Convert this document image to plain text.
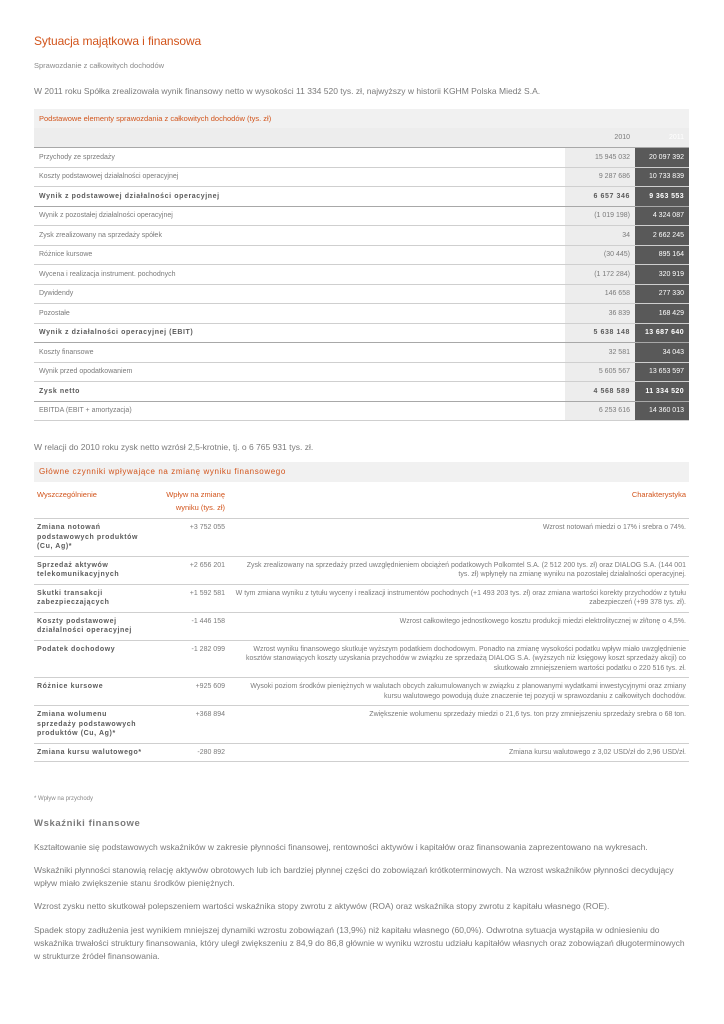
Sytuacja majątkowa i finansowa
Sprawozdanie z całkowitych dochodów
W 2011 roku Spółka zrealizowała wynik finansowy netto w wysokości 11 334 520 tys. zł, najwyższy w historii KGHM Polska Miedź S.A.
Podstawowe elementy sprawozdania z całkowitych dochodów (tys. zł)
	2010	2011
Przychody ze sprzedaży	15 945 032	20 097 392
Koszty podstawowej działalności operacyjnej	9 287 686	10 733 839
Wynik z podstawowej działalności operacyjnej	6 657 346	9 363 553
Wynik z pozostałej działalności operacyjnej	(1 019 198)	4 324 087
Zysk zrealizowany na sprzedaży spółek	34	2 662 245
Różnice kursowe	(30 445)	895 164
Wycena i realizacja instrument. pochodnych	(1 172 284)	320 919
Dywidendy	146 658	277 330
Pozostałe	36 839	168 429
Wynik z działalności operacyjnej (EBIT)	5 638 148	13 687 640
Koszty finansowe	32 581	34 043
Wynik przed opodatkowaniem	5 605 567	13 653 597
Zysk netto	4 568 589	11 334 520
EBITDA (EBIT + amortyzacja)	6 253 616	14 360 013
W relacji do 2010 roku zysk netto wzrósł 2,5-krotnie, tj. o 6 765 931 tys. zł.
Główne czynniki wpływające na zmianę wyniku finansowego
Wyszczególnienie	Wpływ na zmianę wyniku (tys. zł)	Charakterystyka
Zmiana notowań podstawowych produktów (Cu, Ag)*	+3 752 055	Wzrost notowań miedzi o 17% i srebra o 74%.
Sprzedaż aktywów telekomunikacyjnych	+2 656 201	Zysk zrealizowany na sprzedaży przed uwzględnieniem obciążeń podatkowych Polkomtel S.A. (2 512 200 tys. zł) oraz DIALOG S.A. (144 001 tys. zł) wpłynęły na zmianę wyniku na pozostałej działalności operacyjnej.
Skutki transakcji zabezpieczających	+1 592 581	W tym zmiana wyniku z tytułu wyceny i realizacji instrumentów pochodnych (+1 493 203 tys. zł) oraz zmiana wartości korekty przychodów z tytułu zabezpieczeń (+99 378 tys. zł).
Koszty podstawowej działalności operacyjnej	-1 446 158	Wzrost całkowitego jednostkowego kosztu produkcji miedzi elektrolitycznej w zł/tonę o 4,5%.
Podatek dochodowy	-1 282 099	Wzrost wyniku finansowego skutkuje wyższym podatkiem dochodowym. Ponadto na zmianę wysokości podatku wpływ miało uwzględnienie kosztów stanowiących koszty uzyskania przychodów w związku ze sprzedażą DIALOG S.A. (wyższych niż księgowy koszt sprzedaży akcji) co skutkowało zmniejszeniem wartości podatku o 220 516 tys. zł.
Różnice kursowe	+925 609	Wysoki poziom środków pieniężnych w walutach obcych zakumulowanych w związku z planowanymi wydatkami inwestycyjnymi oraz zmiany kursu walutowego powodują duże znaczenie tej pozycji w sprawozdaniu z całkowitych dochodów.
Zmiana wolumenu sprzedaży podstawowych produktów (Cu, Ag)*	+368 894	Zwiększenie wolumenu sprzedaży miedzi o 21,6 tys. ton przy zmniejszeniu sprzedaży srebra o 68 ton.
Zmiana kursu walutowego*	-280 892	Zmiana kursu walutowego z 3,02 USD/zł do 2,96 USD/zł.
* Wpływ na przychody
Wskaźniki finansowe
Kształtowanie się podstawowych wskaźników w zakresie płynności finansowej, rentowności aktywów i kapitałów oraz finansowania zaprezentowano na wykresach.
Wskaźniki płynności stanowią relację aktywów obrotowych lub ich bardziej płynnej części do zobowiązań krótkoterminowych. Na wzrost wskaźników płynności decydujący wpływ miało zwiększenie stanu środków pieniężnych.
Wzrost zysku netto skutkował polepszeniem wartości wskaźnika stopy zwrotu z aktywów (ROA) oraz wskaźnika stopy zwrotu z kapitału własnego (ROE).
Spadek stopy zadłużenia jest wynikiem mniejszej dynamiki wzrostu zobowiązań (13,9%) niż kapitału własnego (60,0%). Odwrotna sytuacja wystąpiła w odniesieniu do wskaźnika trwałości struktury finansowania, który uległ zwiększeniu z 84,9 do 86,8 głównie w wyniku wzrostu udziału kapitałów własnych oraz zobowiązań długoterminowych w strukturze źródeł finansowania.
